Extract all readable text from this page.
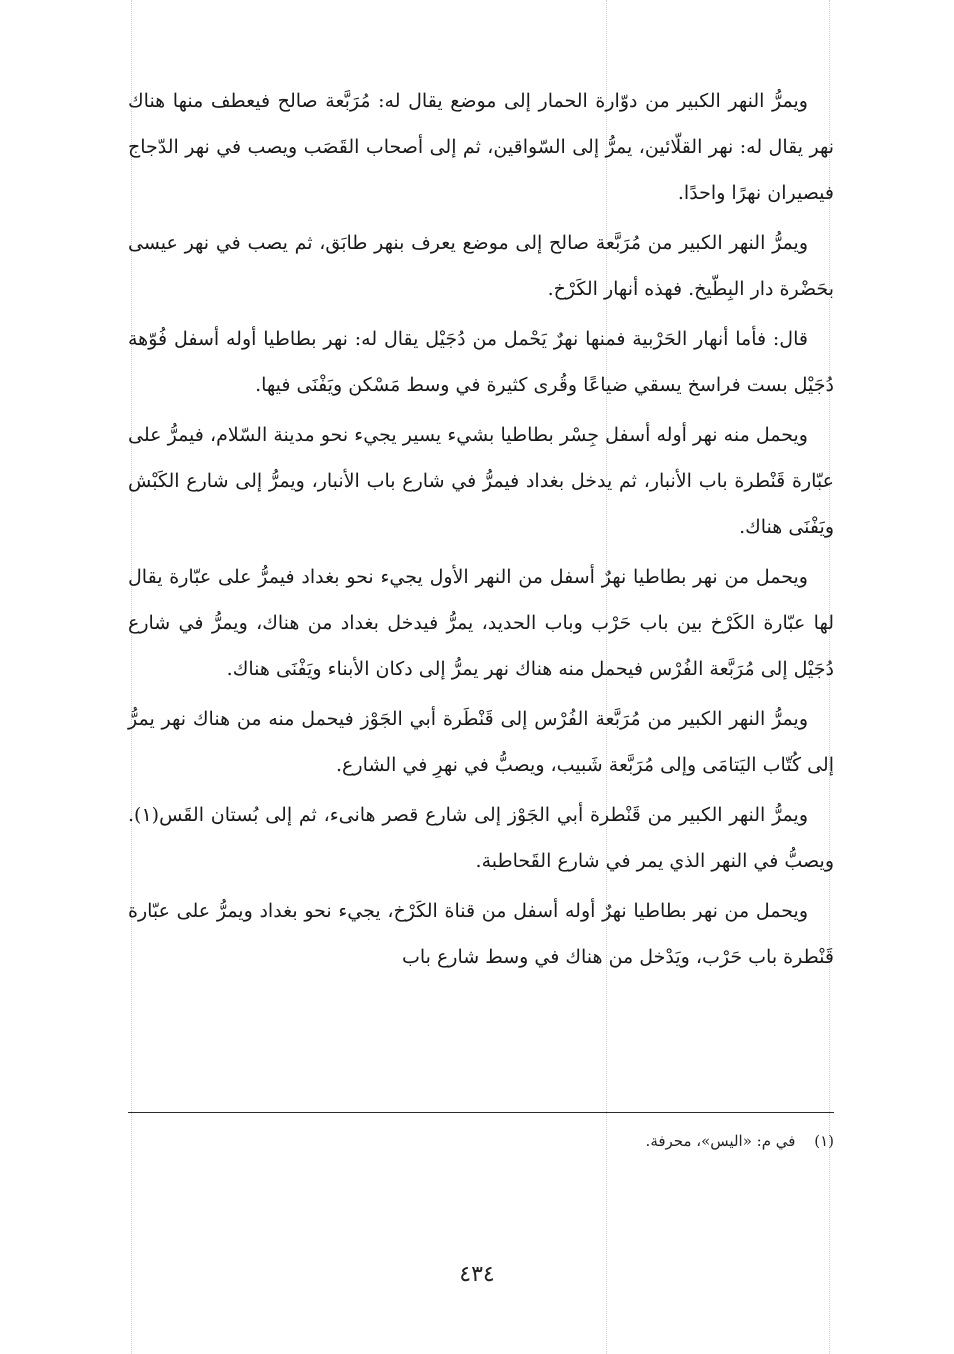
ويمرُّ النهر الكبير من دوّارة الحمار إلى موضع يقال له: مُرَبَّعة صالح فيعطف منها هناك نهر يقال له: نهر القلّائين، يمرُّ إلى السّواقين، ثم إلى أصحاب القَصَب ويصب في نهر الدّجاج فيصيران نهرًا واحدًا.

ويمرُّ النهر الكبير من مُرَبَّعة صالح إلى موضع يعرف بنهر طابَق، ثم يصب في نهر عيسى بحَضْرة دار البِطّيخ. فهذه أنهار الكَرْخ.

قال: فأما أنهار الحَرْبية فمنها نهرٌ يَحْمل من دُجَيْل يقال له: نهر بطاطيا أوله أسفل فُوّهة دُجَيْل بست فراسخ يسقي ضياعًا وقُرى كثيرة في وسط مَسْكن ويَفْنَى فيها.

ويحمل منه نهر أوله أسفل جِسْر بطاطيا بشيء يسير يجيء نحو مدينة السّلام، فيمرُّ على عبّارة قَنْطرة باب الأنبار، ثم يدخل بغداد فيمرُّ في شارع باب الأنبار، ويمرُّ إلى شارع الكَبْش ويَفْنَى هناك.

ويحمل من نهر بطاطيا نهرٌ أسفل من النهر الأول يجيء نحو بغداد فيمرُّ على عبّارة يقال لها عبّارة الكَرْخ بين باب حَرْب وباب الحديد، يمرُّ فيدخل بغداد من هناك، ويمرُّ في شارع دُجَيْل إلى مُرَبَّعة الفُرْس فيحمل منه هناك نهر يمرُّ إلى دكان الأبناء ويَفْنَى هناك.

ويمرُّ النهر الكبير من مُرَبَّعة الفُرْس إلى قَنْطَرة أبي الجَوْز فيحمل منه من هناك نهر يمرُّ إلى كُتّاب اليَتامَى وإلى مُرَبَّعة شَبيب، ويصبُّ في نهرِ في الشارع.

ويمرُّ النهر الكبير من قَنْطرة أبي الجَوْز إلى شارع قصر هانىء، ثم إلى بُستان القَس(١). ويصبُّ في النهر الذي يمر في شارع القَحاطبة.

ويحمل من نهر بطاطيا نهرٌ أوله أسفل من قناة الكَرْخ، يجيء نحو بغداد ويمرُّ على عبّارة قَنْطرة باب حَرْب، ويَدْخل من هناك في وسط شارع باب

(١) في م: «اليس»، محرفة.
٤٣٤
